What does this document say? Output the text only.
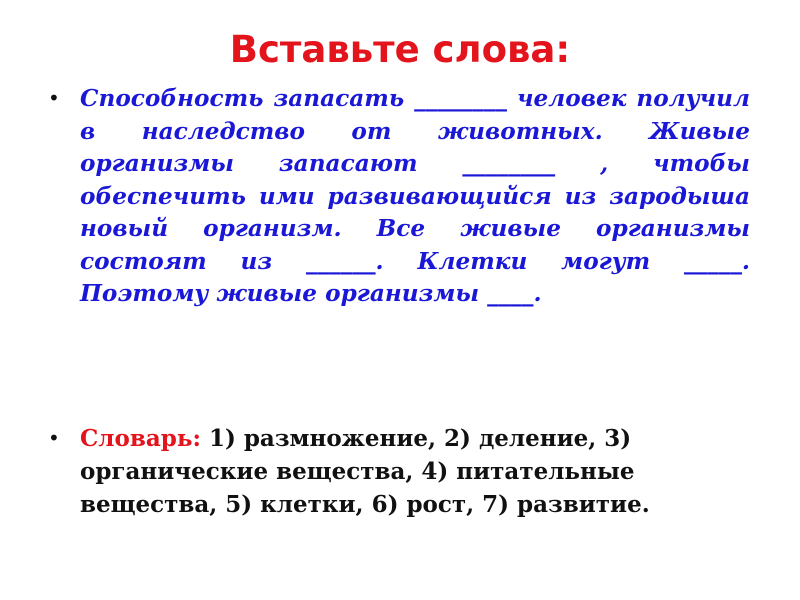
Вставьте слова:
• Способность запасать ________ человек получил в наследство от животных. Живые организмы запасают ________ , чтобы обеспечить ими развивающийся из зародыша новый организм. Все живые организмы состоят из ______. Клетки могут _____. Поэтому живые организмы ____.
• Словарь: 1) размножение, 2) деление, 3) органические вещества, 4) питательные вещества, 5) клетки, 6) рост, 7) развитие.
